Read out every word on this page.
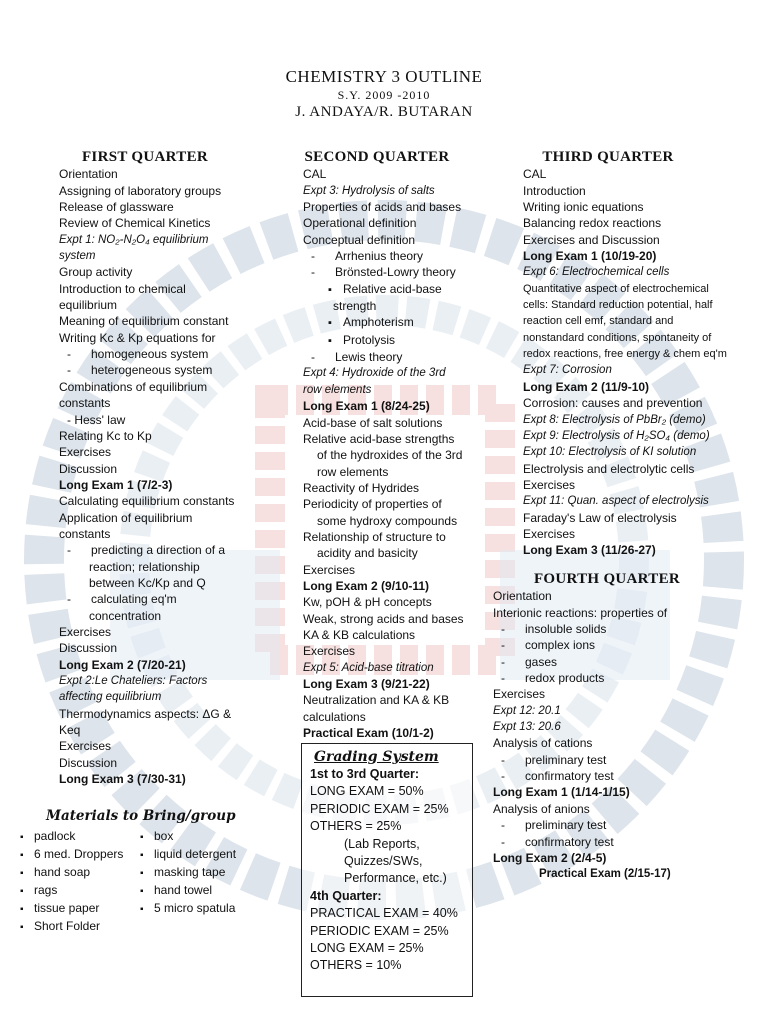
CHEMISTRY 3 OUTLINE
S.Y. 2009 -2010
J. ANDAYA/R. BUTARAN
FIRST QUARTER
Orientation
Assigning of laboratory groups
Release of glassware
Review of Chemical Kinetics
Expt 1: NO₂-N₂O₄ equilibrium
system
Group activity
Introduction to chemical
equilibrium
Meaning of equilibrium constant
Writing Kc & Kp equations for
- homogeneous system
- heterogeneous system
Combinations of equilibrium
constants
- Hess' law
Relating Kc to Kp
Exercises
Discussion
Long Exam 1 (7/2-3)
Calculating equilibrium constants
Application of equilibrium
constants
- predicting a direction of a
reaction; relationship
between Kc/Kp and Q
- calculating eq'm
concentration
Exercises
Discussion
Long Exam 2 (7/20-21)
Expt 2:Le Chateliers: Factors
affecting equilibrium
Thermodynamics aspects: ΔG &
Keq
Exercises
Discussion
Long Exam 3 (7/30-31)
SECOND QUARTER
CAL
Expt 3: Hydrolysis of salts
Properties of acids and bases
Operational definition
Conceptual definition
- Arrhenius theory
- Brönsted-Lowry theory
▪ Relative acid-base
strength
▪ Amphoterism
▪ Protolysis
- Lewis theory
Expt 4: Hydroxide of the 3rd
row elements
Long Exam 1 (8/24-25)
Acid-base of salt solutions
Relative acid-base strengths
of the hydroxides of the 3rd
row elements
Reactivity of Hydrides
Periodicity of properties of
some hydroxy compounds
Relationship of structure to
acidity and basicity
Exercises
Long Exam 2 (9/10-11)
Kw, pOH & pH concepts
Weak, strong acids and bases
KA & KB calculations
Exercises
Expt 5: Acid-base titration
Long Exam 3 (9/21-22)
Neutralization and KA & KB
calculations
Practical Exam (10/1-2)
THIRD QUARTER
CAL
Introduction
Writing ionic equations
Balancing redox reactions
Exercises and Discussion
Long Exam 1 (10/19-20)
Expt 6: Electrochemical cells
Quantitative aspect of electrochemical
cells: Standard reduction potential, half
reaction cell emf, standard and
nonstandard conditions, spontaneity of
redox reactions, free energy & chem eq'm
Expt 7: Corrosion
Long Exam 2 (11/9-10)
Corrosion: causes and prevention
Expt 8: Electrolysis of PbBr₂ (demo)
Expt 9: Electrolysis of H₂SO₄ (demo)
Expt 10: Electrolysis of KI solution
Electrolysis and electrolytic cells
Exercises
Expt 11: Quan. aspect of electrolysis
Faraday's Law of electrolysis
Exercises
Long Exam 3 (11/26-27)
FOURTH QUARTER
Orientation
Interionic reactions: properties of
- insoluble solids
- complex ions
- gases
- redox products
Exercises
Expt 12: 20.1
Expt 13: 20.6
Analysis of cations
- preliminary test
- confirmatory test
Long Exam 1 (1/14-1/15)
Analysis of anions
- preliminary test
- confirmatory test
Long Exam 2 (2/4-5)
Practical Exam (2/15-17)
Materials to Bring/group
▪ padlock
▪ 6 med. Droppers
▪ hand soap
▪ rags
▪ tissue paper
▪ Short Folder
▪ box
▪ liquid detergent
▪ masking tape
▪ hand towel
▪ 5 micro spatula
Grading System
1st to 3rd Quarter:
LONG EXAM = 50%
PERIODIC EXAM = 25%
OTHERS = 25%
(Lab Reports,
Quizzes/SWs,
Performance, etc.)
4th Quarter:
PRACTICAL EXAM = 40%
PERIODIC EXAM = 25%
LONG EXAM = 25%
OTHERS = 10%
